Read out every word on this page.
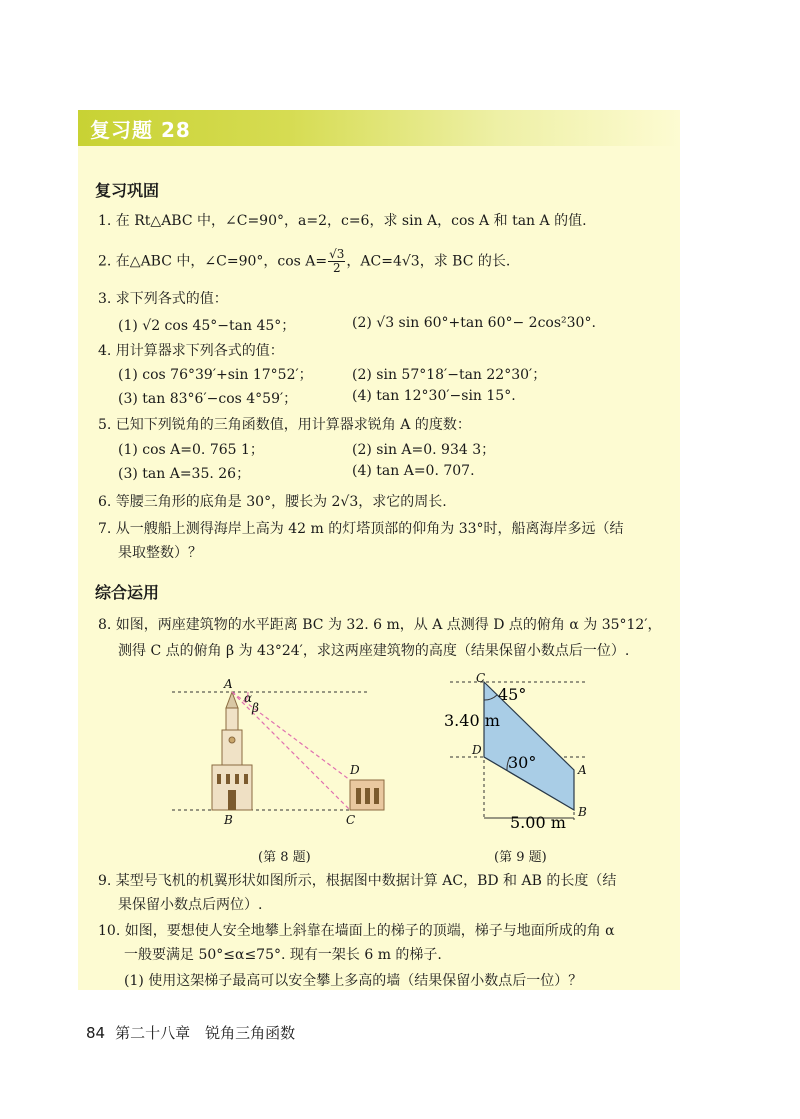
复习题 28
复习巩固
1. 在 Rt△ABC 中，∠C=90°，a=2，c=6，求 sin A，cos A 和 tan A 的值.
2. 在△ABC 中，∠C=90°，$\cos A= \frac{√3}{2}$ ，AC=4√3，求 BC 的长.
3. 求下列各式的值：
(1) √2 cos 45°−tan 45°；	(2) √3 sin 60°+tan 60°− 2cos²30°.
4. 用计算器求下列各式的值：
(1) cos 76°39′+sin 17°52′；	(2) sin 57°18′−tan 22°30′；
(3) tan 83°6′−cos 4°59′；	(4) tan 12°30′−sin 15°.
5. 已知下列锐角的三角函数值，用计算器求锐角 A 的度数：
(1) cos A=0. 765 1；	(2) sin A=0. 934 3；
(3) tan A=35. 26；	(4) tan A=0. 707.
6. 等腰三角形的底角是 30°，腰长为 2√3，求它的周长.
7. 从一艘船上测得海岸上高为 42 m 的灯塔顶部的仰角为 33°时，船离海岸多远（结
果取整数）？
综合运用
8. 如图，两座建筑物的水平距离 BC 为 32. 6 m，从 A 点测得 D 点的俯角 α 为 35°12′，
测得 C 点的俯角 β 为 43°24′，求这两座建筑物的高度（结果保留小数点后一位）.
A
α
β
B	C
D
(第 8 题)
C
45°
3.40 m
D
30°	A
B
5.00 m
(第 9 题)
9. 某型号飞机的机翼形状如图所示，根据图中数据计算 AC，BD 和 AB 的长度（结
果保留小数点后两位）.
10. 如图，要想使人安全地攀上斜靠在墙面上的梯子的顶端，梯子与地面所成的角 α
一般要满足 50°≤α≤75°. 现有一架长 6 m 的梯子.
(1) 使用这架梯子最高可以安全攀上多高的墙（结果保留小数点后一位）？
84 第二十八章　锐角三角函数
